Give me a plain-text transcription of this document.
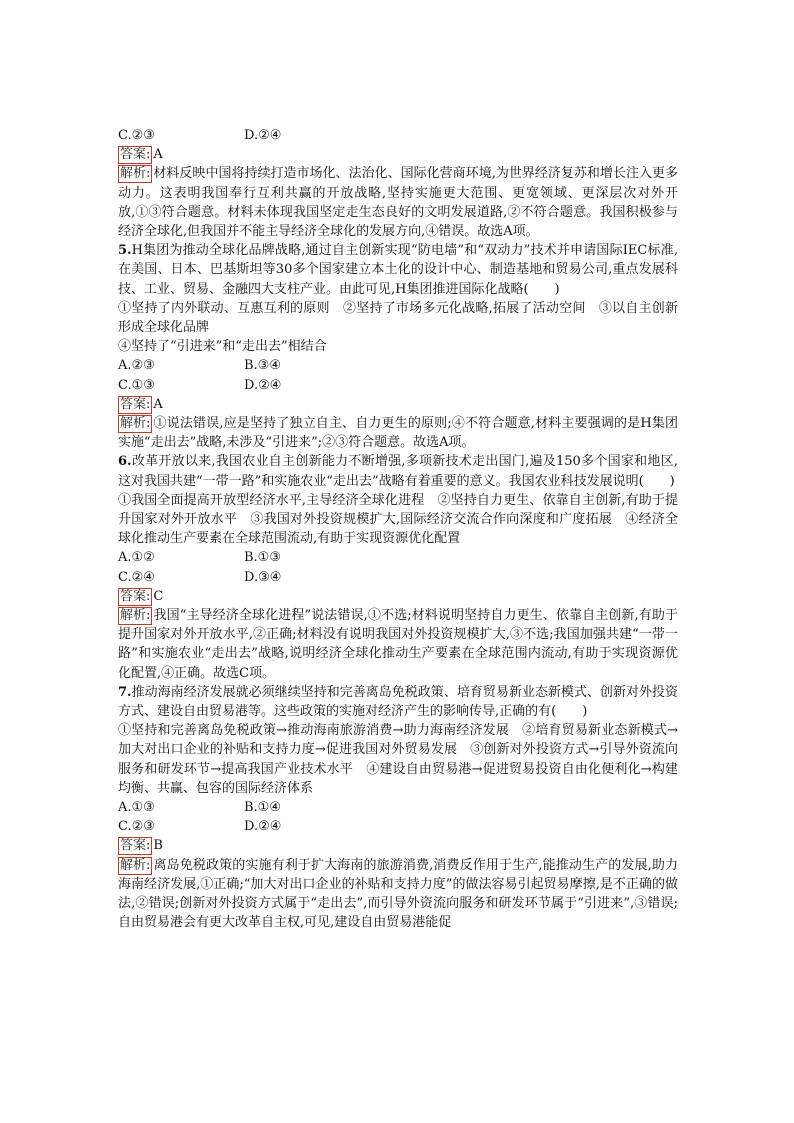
C.②③	D.②④
答案: A
解析: 材料反映中国将持续打造市场化、法治化、国际化营商环境,为世界经济复苏和增长注入更多动力。这表明我国奉行互利共赢的开放战略,坚持实施更大范围、更宽领域、更深层次对外开放,①③符合题意。材料未体现我国坚定走生态良好的文明发展道路,②不符合题意。我国积极参与经济全球化,但我国并不能主导经济全球化的发展方向,④错误。故选A项。
5.H集团为推动全球化品牌战略,通过自主创新实现“防电墙”和“双动力”技术并申请国际IEC标准,在美国、日本、巴基斯坦等30多个国家建立本土化的设计中心、制造基地和贸易公司,重点发展科技、工业、贸易、金融四大支柱产业。由此可见,H集团推进国际化战略(　　)
①坚持了内外联动、互惠互利的原则　②坚持了市场多元化战略,拓展了活动空间　③以自主创新形成全球化品牌
④坚持了“引进来”和“走出去”相结合
A.②③	B.③④
C.①③	D.②④
答案: A
解析: ①说法错误,应是坚持了独立自主、自力更生的原则;④不符合题意,材料主要强调的是H集团实施“走出去”战略,未涉及“引进来”;②③符合题意。故选A项。
6.改革开放以来,我国农业自主创新能力不断增强,多项新技术走出国门,遍及150多个国家和地区,这对我国共建“一带一路”和实施农业“走出去”战略有着重要的意义。我国农业科技发展说明(　　)
①我国全面提高开放型经济水平,主导经济全球化进程　②坚持自力更生、依靠自主创新,有助于提升国家对外开放水平　③我国对外投资规模扩大,国际经济交流合作向深度和广度拓展　④经济全球化推动生产要素在全球范围流动,有助于实现资源优化配置
A.①②	B.①③
C.②④	D.③④
答案: C
解析: 我国“主导经济全球化进程”说法错误,①不选;材料说明坚持自力更生、依靠自主创新,有助于提升国家对外开放水平,②正确;材料没有说明我国对外投资规模扩大,③不选;我国加强共建“一带一路”和实施农业“走出去”战略,说明经济全球化推动生产要素在全球范围内流动,有助于实现资源优化配置,④正确。故选C项。
7.推动海南经济发展就必须继续坚持和完善离岛免税政策、培育贸易新业态新模式、创新对外投资方式、建设自由贸易港等。这些政策的实施对经济产生的影响传导,正确的有(　　)
①坚持和完善离岛免税政策→推动海南旅游消费→助力海南经济发展　②培育贸易新业态新模式→加大对出口企业的补贴和支持力度→促进我国对外贸易发展　③创新对外投资方式→引导外资流向服务和研发环节→提高我国产业技术水平　④建设自由贸易港→促进贸易投资自由化便利化→构建均衡、共赢、包容的国际经济体系
A.①③	B.①④
C.②③	D.②④
答案: B
解析: 离岛免税政策的实施有利于扩大海南的旅游消费,消费反作用于生产,能推动生产的发展,助力海南经济发展,①正确;“加大对出口企业的补贴和支持力度”的做法容易引起贸易摩擦,是不正确的做法,②错误;创新对外投资方式属于“走出去”,而引导外资流向服务和研发环节属于“引进来”,③错误;自由贸易港会有更大改革自主权,可见,建设自由贸易港能促
